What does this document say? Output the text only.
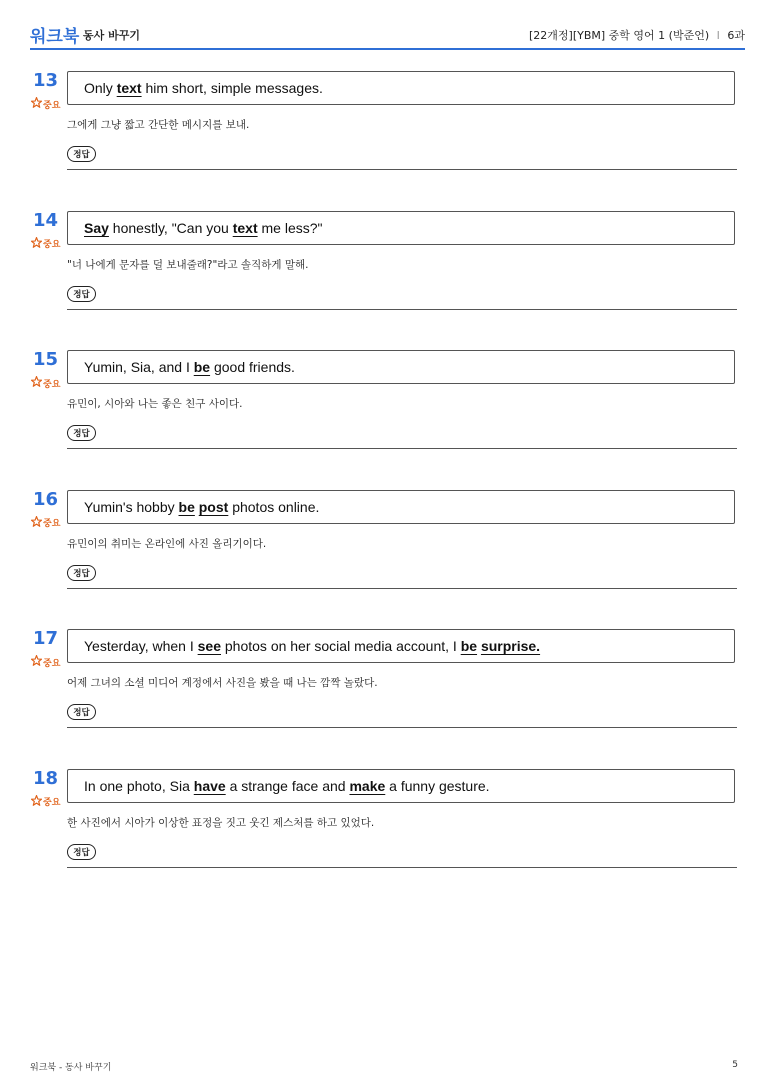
워크북 동사 바꾸기	[22개정][YBM] 중학 영어 1 (박준언) I 6과
13
중요
Only text him short, simple messages.
그에게 그냥 짧고 간단한 메시지를 보내.
정답
14
중요
Say honestly, "Can you text me less?"
"너 나에게 문자를 덜 보내줄래?"라고 솔직하게 말해.
정답
15
중요
Yumin, Sia, and I be good friends.
유민이, 시아와 나는 좋은 친구 사이다.
정답
16
중요
Yumin's hobby be
post photos online.
유민이의 취미는 온라인에 사진 올리기이다.
정답
17
중요
Yesterday, when I see photos on her social media account, I be
surprise.
어제 그녀의 소셜 미디어 계정에서 사진을 봤을 때 나는 깜짝 놀랐다.
정답
18
중요
In one photo, Sia have a strange face and make a funny gesture.
한 사진에서 시아가 이상한 표정을 짓고 웃긴 제스처를 하고 있었다.
정답
워크북 - 동사 바꾸기	5
